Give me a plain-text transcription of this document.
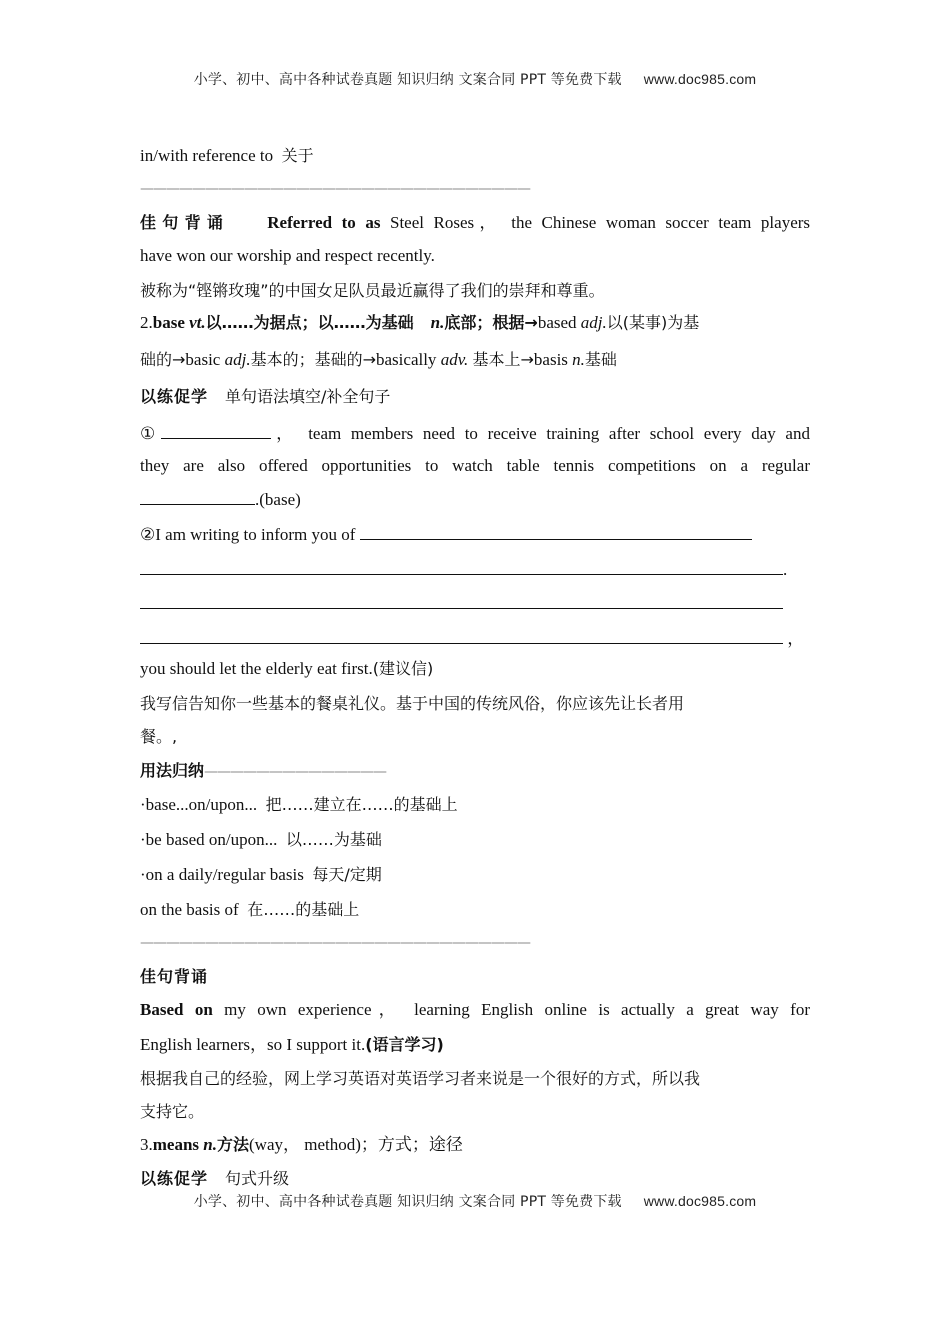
小学、初中、高中各种试卷真题 知识归纳 文案合同 PPT 等免费下载 www.doc985.com
in/with reference to 关于
——————————————————————————————
佳句背诵 Referred to as Steel Roses， the Chinese woman soccer team players
have won our worship and respect recently.
被称为“铿锵玫瑰”的中国女足队员最近赢得了我们的崇拜和尊重。
2.base vt.以……为据点；以……为基础 n.底部；根据→based adj.以(某事)为基
础的→basic adj.基本的；基础的→basically adv. 基本上→basis n.基础
以练促学 单句语法填空/补全句子
①	， team members need to receive training after school every day and
they are also offered opportunities to watch table tennis competitions on a regular
.(base)
②I am writing to inform you of
.
，
you should let the elderly eat first.(建议信)
我写信告知你一些基本的餐桌礼仪。基于中国的传统风俗，你应该先让长者用
餐。,
用法归纳——————————————
·base...on/upon... 把……建立在……的基础上
·be based on/upon... 以……为基础
·on a daily/regular basis 每天/定期
on the basis of 在……的基础上
——————————————————————————————
佳句背诵
Based on my own experience， learning English online is actually a great way for
English learners，so I support it.(语言学习)
根据我自己的经验，网上学习英语对英语学习者来说是一个很好的方式，所以我
支持它。
3.means n.方法(way， method)；方式；途径
以练促学 句式升级
小学、初中、高中各种试卷真题 知识归纳 文案合同 PPT 等免费下载 www.doc985.com
